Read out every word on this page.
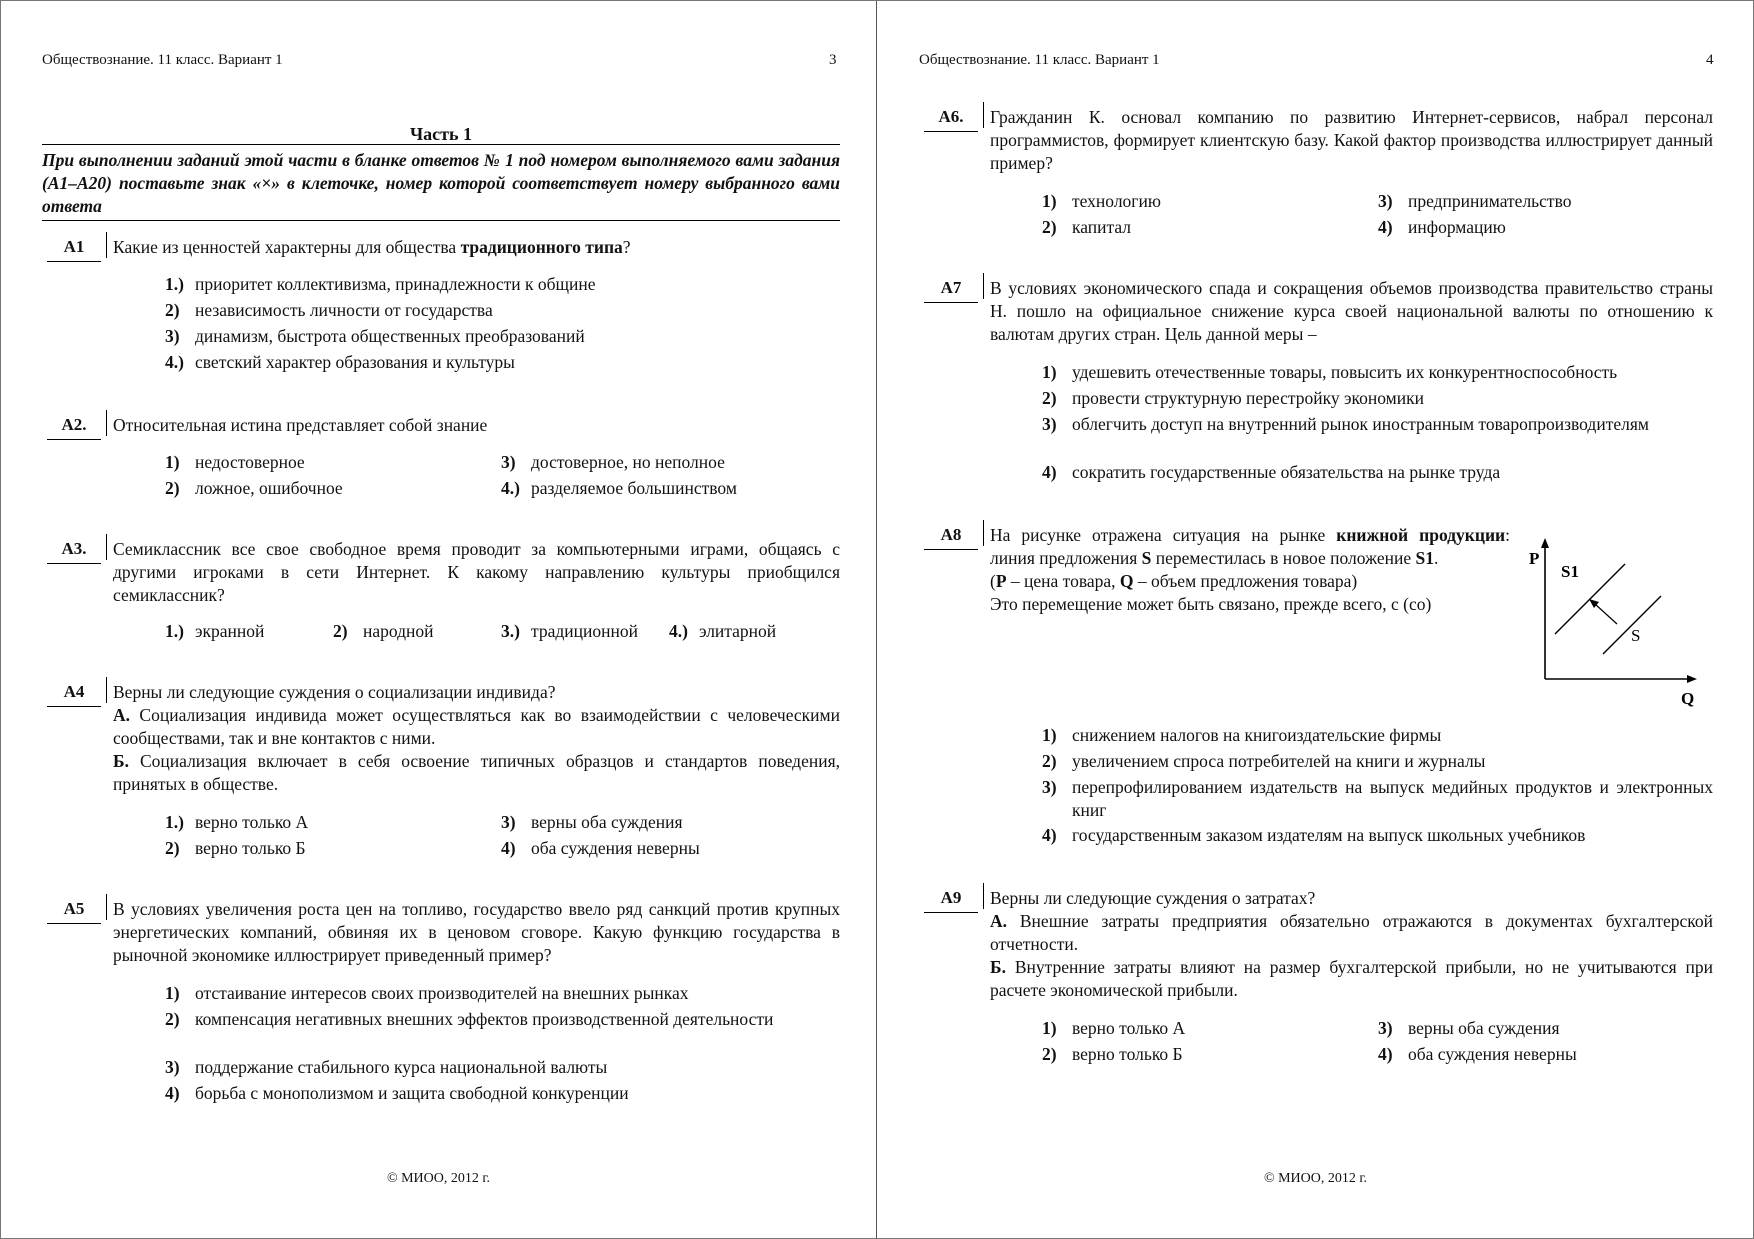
Обществознание. 11 класс. Вариант 1	3
Часть 1
При выполнении заданий этой части в бланке ответов № 1 под номером выполняемого вами задания (A1–A20) поставьте знак «×» в клеточке, номер которой соответствует номеру выбранного вами ответа
A1	Какие из ценностей характерны для общества традиционного типа?
1.) приоритет коллективизма, принадлежности к общине
2) независимость личности от государства
3) динамизм, быстрота общественных преобразований
4.) светский характер образования и культуры
A2.	Относительная истина представляет собой знание
1) недостоверное
2) ложное, ошибочное
3) достоверное, но неполное
4.) разделяемое большинством
A3.	Семиклассник все свое свободное время проводит за компьютерными играми, общаясь с другими игроками в сети Интернет. К какому направлению культуры приобщился семиклассник?
1.) экранной	2) народной	3.) традиционной 4.) элитарной
A4	Верны ли следующие суждения о социализации индивида?
А. Социализация индивида может осуществляться как во взаимодействии с человеческими сообществами, так и вне контактов с ними.
Б. Социализация включает в себя освоение типичных образцов и стандартов поведения, принятых в обществе.
1.) верно только А
2) верно только Б
3) верны оба суждения
4) оба суждения неверны
A5	В условиях увеличения роста цен на топливо, государство ввело ряд санкций против крупных энергетических компаний, обвиняя их в ценовом сговоре. Какую функцию государства в рыночной экономике иллюстрирует приведенный пример?
1) отстаивание интересов своих производителей на внешних рынках
2) компенсация негативных внешних эффектов производственной деятельности
3) поддержание стабильного курса национальной валюты
4) борьба с монополизмом и защита свободной конкуренции
© МИОО, 2012 г.
Обществознание. 11 класс. Вариант 1	4
A6.	Гражданин К. основал компанию по развитию Интернет-сервисов, набрал персонал программистов, формирует клиентскую базу. Какой фактор производства иллюстрирует данный пример?
1) технологию
2) капитал
3) предпринимательство
4) информацию
A7	В условиях экономического спада и сокращения объемов производства правительство страны Н. пошло на официальное снижение курса своей национальной валюты по отношению к валютам других стран. Цель данной меры –
1) удешевить отечественные товары, повысить их конкурентноспособность
2) провести структурную перестройку экономики
3) облегчить доступ на внутренний рынок иностранным товаропроизводителям
4) сократить государственные обязательства на рынке труда
A8	На рисунке отражена ситуация на рынке книжной продукции: линия предложения S переместилась в новое положение S1.
(P – цена товара, Q – объем предложения товара)
Это перемещение может быть связано, прежде всего, с (со)
P
Q
S
S1
1) снижением налогов на книгоиздательские фирмы
2) увеличением спроса потребителей на книги и журналы
3) перепрофилированием издательств на выпуск медийных продуктов и электронных книг
4) государственным заказом издателям на выпуск школьных учебников
A9	Верны ли следующие суждения о затратах?
А. Внешние затраты предприятия обязательно отражаются в документах бухгалтерской отчетности.
Б. Внутренние затраты влияют на размер бухгалтерской прибыли, но не учитываются при расчете экономической прибыли.
1) верно только А
2) верно только Б
3) верны оба суждения
4) оба суждения неверны
© МИОО, 2012 г.
